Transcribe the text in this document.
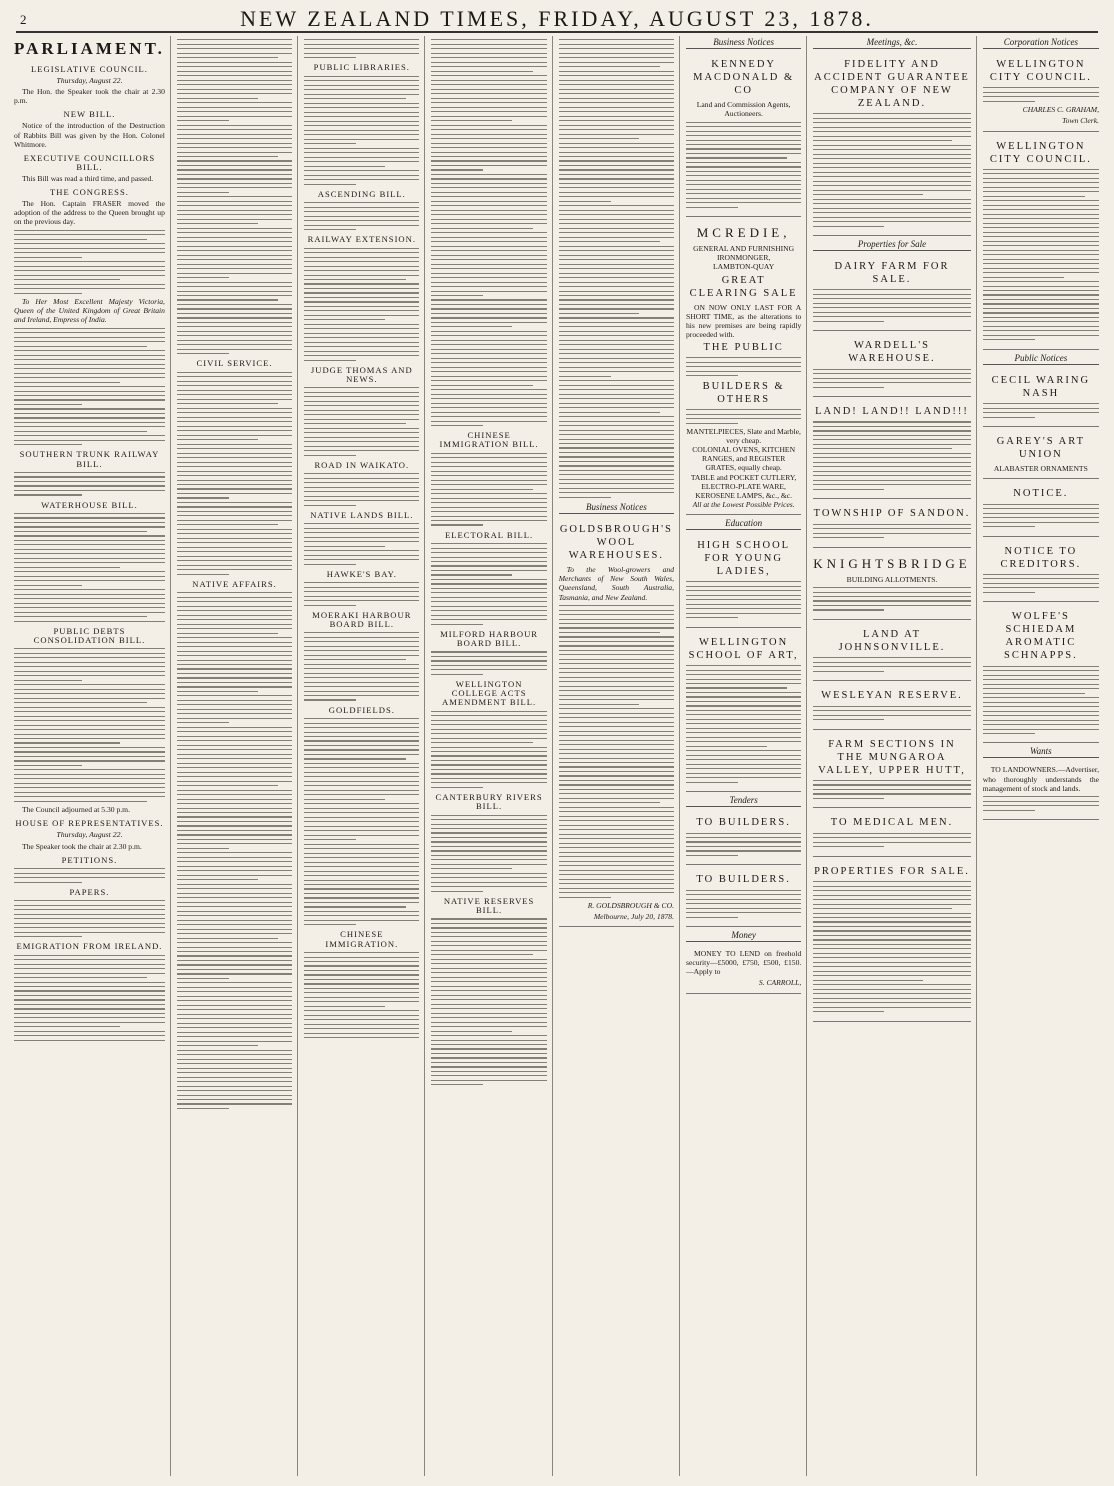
2	NEW ZEALAND TIMES, FRIDAY, AUGUST 23, 1878.
PARLIAMENT.
LEGISLATIVE COUNCIL.
Thursday, August 22.

The Hon. the Speaker took the chair at 2.30 p.m.

NEW BILL.

Notice of the introduction of the Destruction of Rabbits Bill was given by the Hon. Colonel Whitmore.

EXECUTIVE COUNCILLORS BILL.

This Bill was read a third time, and passed.

THE CONGRESS.

The Hon. Captain FRASER moved the adoption of the address to the Queen brought up on the previous day.

To Her Most Excellent Majesty Victoria, Queen of the United Kingdom of Great Britain and Ireland, Empress of India.

SOUTHERN TRUNK RAILWAY BILL.
WATERHOUSE BILL.
PUBLIC DEBTS CONSOLIDATION BILL.

The Council adjourned at 5.30 p.m.

HOUSE OF REPRESENTATIVES.
Thursday, August 22.

The Speaker took the chair at 2.30 p.m.

PETITIONS.
PAPERS.
EMIGRATION FROM IRELAND.
CIVIL SERVICE.
NATIVE AFFAIRS.
PUBLIC LIBRARIES.
ASCENDING BILL.
RAILWAY EXTENSION.
JUDGE THOMAS AND NEWS.
ROAD IN WAIKATO.
NATIVE LANDS BILL.
HAWKE'S BAY.
MOERAKI HARBOUR BOARD BILL.
GOLDFIELDS.
CHINESE IMMIGRATION.
CHINESE IMMIGRATION BILL.
ELECTORAL BILL.
MILFORD HARBOUR BOARD BILL.
WELLINGTON COLLEGE ACTS AMENDMENT BILL.
CANTERBURY RIVERS BILL.
NATIVE RESERVES BILL.
Business Notices
GOLDSBROUGH'S WOOL WAREHOUSES.

To the Wool-growers and Merchants of New South Wales, Queensland, South Australia, Tasmania, and New Zealand.

R. GOLDSBROUGH & CO.
Melbourne, July 20, 1878.
Business Notices
KENNEDY MACDONALD & CO
Land and Commission Agents, Auctioneers.
MCREDIE,
GENERAL AND FURNISHING IRONMONGER,
LAMBTON-QUAY
GREAT CLEARING SALE

ON NOW ONLY LAST FOR A SHORT TIME, as the alterations to his new premises are being rapidly proceeded with.

THE PUBLIC
BUILDERS & OTHERS
MANTELPIECES, Slate and Marble, very cheap.
COLONIAL OVENS, KITCHEN RANGES, and REGISTER GRATES, equally cheap.
TABLE and POCKET CUTLERY, ELECTRO-PLATE WARE, KEROSENE LAMPS, &c., &c.
All at the Lowest Possible Prices.
Education
HIGH SCHOOL FOR YOUNG LADIES,
WELLINGTON SCHOOL OF ART,
Tenders
TO BUILDERS.
TO BUILDERS.
Money

MONEY TO LEND on freehold security—£5000, £750, £500, £150.—Apply to

S. CARROLL,
Meetings, &c.
FIDELITY AND ACCIDENT GUARANTEE COMPANY OF NEW ZEALAND.
Properties for Sale
DAIRY FARM FOR SALE.
WARDELL'S WAREHOUSE.
LAND! LAND!! LAND!!!
TOWNSHIP OF SANDON.
KNIGHTSBRIDGE
BUILDING ALLOTMENTS.
LAND AT JOHNSONVILLE.
WESLEYAN RESERVE.
FARM SECTIONS IN THE MUNGAROA VALLEY, UPPER HUTT,
TO MEDICAL MEN.
PROPERTIES FOR SALE.
Corporation Notices
WELLINGTON CITY COUNCIL.
CHARLES C. GRAHAM,
Town Clerk.
WELLINGTON CITY COUNCIL.
Public Notices
CECIL WARING NASH
GAREY'S ART UNION
ALABASTER ORNAMENTS
NOTICE.
NOTICE TO CREDITORS.
WOLFE'S SCHIEDAM AROMATIC SCHNAPPS.
Wants

TO LANDOWNERS.—Advertiser, who thoroughly understands the management of stock and lands.
